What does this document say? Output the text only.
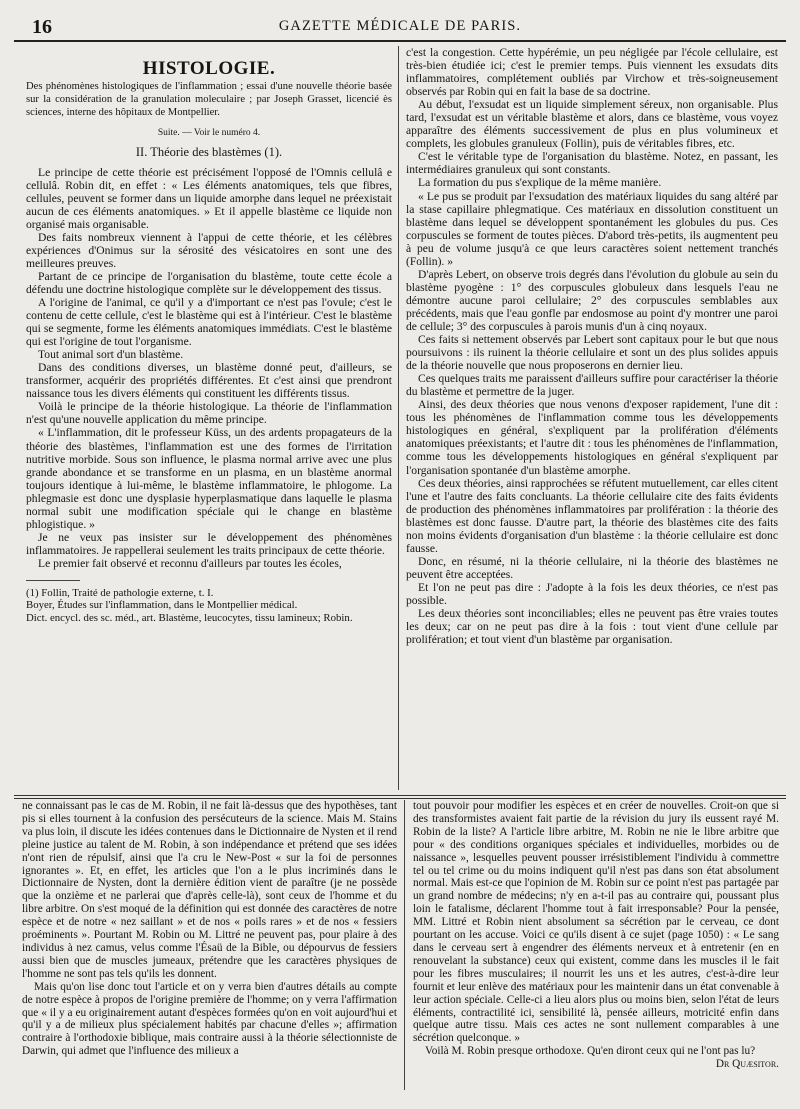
16	GAZETTE MÉDICALE DE PARIS.
HISTOLOGIE.
Des phénomènes histologiques de l'inflammation ; essai d'une nouvelle théorie basée sur la considération de la granulation moleculaire ; par Joseph Grasset, licencié ès sciences, interne des hôpitaux de Montpellier.
Suite. — Voir le numéro 4.
II. Théorie des blastèmes (1).

Le principe de cette théorie est précisément l'opposé de l'Omnis cellulâ e cellulâ. Robin dit, en effet : « Les éléments anatomiques, tels que fibres, cellules, peuvent se former dans un liquide amorphe dans lequel ne préexistait aucun de ces éléments anatomiques. » Et il appelle blastème ce liquide non organisé mais organisable.

Des faits nombreux viennent à l'appui de cette théorie, et les célèbres expériences d'Onimus sur la sérosité des vésicatoires en sont une des meilleures preuves.

Partant de ce principe de l'organisation du blastème, toute cette école a défendu une doctrine histologique complète sur le développement des tissus.

A l'origine de l'animal, ce qu'il y a d'important ce n'est pas l'ovule; c'est le contenu de cette cellule, c'est le blastème qui est à l'intérieur. C'est le blastème qui se segmente, forme les éléments anatomiques immédiats. C'est le blastème qui est l'origine de tout l'organisme.

Tout animal sort d'un blastème.

Dans des conditions diverses, un blastème donné peut, d'ailleurs, se transformer, acquérir des propriétés différentes. Et c'est ainsi que prendront naissance tous les divers éléments qui constituent les différents tissus.

Voilà le principe de la théorie histologique. La théorie de l'inflammation n'est qu'une nouvelle application du même principe.

« L'inflammation, dit le professeur Küss, un des ardents propagateurs de la théorie des blastèmes, l'inflammation est une des formes de l'irritation nutritive morbide. Sous son influence, le plasma normal arrive avec une plus grande abondance et se transforme en un plasma, en un blastème anormal toujours identique à lui-même, le blastème inflammatoire, le phlogome. La phlegmasie est donc une dysplasie hyperplasmatique dans laquelle le plasma normal subit une modification spéciale qui le change en blastème phlogistique. »

Je ne veux pas insister sur le développement des phénomènes inflammatoires. Je rappellerai seulement les traits principaux de cette théorie.

Le premier fait observé et reconnu d'ailleurs par toutes les écoles,

(1) Follin, Traité de pathologie externe, t. I.
Boyer, Études sur l'inflammation, dans le Montpellier médical.
Dict. encycl. des sc. méd., art. Blastème, leucocytes, tissu lamineux; Robin.

c'est la congestion. Cette hypérémie, un peu négligée par l'école cellulaire, est très-bien étudiée ici; c'est le premier temps. Puis viennent les exsudats dits inflammatoires, complétement oubliés par Virchow et très-soigneusement observés par Robin qui en fait la base de sa doctrine.

Au début, l'exsudat est un liquide simplement séreux, non organisable. Plus tard, l'exsudat est un véritable blastème et alors, dans ce blastème, vous voyez apparaître des éléments successivement de plus en plus volumineux et complets, les globules granuleux (Follin), puis de véritables fibres, etc.

C'est le véritable type de l'organisation du blastème. Notez, en passant, les intermédiaires granuleux qui sont constants.

La formation du pus s'explique de la même manière.

« Le pus se produit par l'exsudation des matériaux liquides du sang altéré par la stase capillaire phlegmatique. Ces matériaux en dissolution constituent un blastème dans lequel se développent spontanément les globules du pus. Ces corpuscules se forment de toutes pièces. D'abord très-petits, ils augmentent peu à peu de volume jusqu'à ce que leurs caractères soient nettement tranchés (Follin). »

D'après Lebert, on observe trois degrés dans l'évolution du globule au sein du blastème pyogène : 1° des corpuscules globuleux dans lesquels l'eau ne démontre aucune paroi cellulaire; 2° des corpuscules semblables aux précédents, mais que l'eau gonfle par endosmose au point d'y montrer une paroi de cellule; 3° des corpuscules à parois munis d'un à cinq noyaux.

Ces faits si nettement observés par Lebert sont capitaux pour le but que nous poursuivons : ils ruinent la théorie cellulaire et sont un des plus solides appuis de la théorie nouvelle que nous proposerons en dernier lieu.

Ces quelques traits me paraissent d'ailleurs suffire pour caractériser la théorie du blastème et permettre de la juger.

Ainsi, des deux théories que nous venons d'exposer rapidement, l'une dit : tous les phénomènes de l'inflammation comme tous les développements histologiques en général, s'expliquent par la prolifération d'éléments anatomiques préexistants; et l'autre dit : tous les phénomènes de l'inflammation, comme tous les développements histologiques en général s'expliquent par l'organisation spontanée d'un blastème amorphe.

Ces deux théories, ainsi rapprochées se réfutent mutuellement, car elles citent l'une et l'autre des faits concluants. La théorie cellulaire cite des faits évidents de production des phénomènes inflammatoires par prolifération : la théorie des blastèmes est donc fausse. D'autre part, la théorie des blastèmes cite des faits non moins évidents d'organisation d'un blastème : la théorie cellulaire est donc fausse.

Donc, en résumé, ni la théorie cellulaire, ni la théorie des blastèmes ne peuvent être acceptées.

Et l'on ne peut pas dire : J'adopte à la fois les deux théories, ce n'est pas possible.

Les deux théories sont inconciliables; elles ne peuvent pas être vraies toutes les deux; car on ne peut pas dire à la fois : tout vient d'une cellule par prolifération; et tout vient d'un blastème par organisation.

ne connaissant pas le cas de M. Robin, il ne fait là-dessus que des hypothèses, tant pis si elles tournent à la confusion des persécuteurs de la science. Mais M. Stains va plus loin, il discute les idées contenues dans le Dictionnaire de Nysten et il rend pleine justice au talent de M. Robin, à son indépendance et prétend que ses idées n'ont rien de répulsif, ainsi que l'a cru le New-Post « sur la foi de personnes ignorantes ». Et, en effet, les articles que l'on a le plus incriminés dans le Dictionnaire de Nysten, dont la dernière édition vient de paraître (je ne possède que la onzième et ne parlerai que d'après celle-là), sont ceux de l'homme et du libre arbitre. On s'est moqué de la définition qui est donnée des caractères de notre espèce et de notre « nez saillant » et de nos « poils rares » et de nos « fessiers proéminents ». Pourtant M. Robin ou M. Littré ne peuvent pas, pour plaire à des individus à nez camus, velus comme l'Ésaü de la Bible, ou dépourvus de fessiers aussi bien que de muscles jumeaux, prétendre que les caractères physiques de l'homme ne sont pas tels qu'ils les donnent.

Mais qu'on lise donc tout l'article et on y verra bien d'autres détails au compte de notre espèce à propos de l'origine première de l'homme; on y verra l'affirmation que « il y a eu originairement autant d'espèces formées qu'on en voit aujourd'hui et qu'il y a de milieux plus spécialement habités par chacune d'elles »; affirmation contraire à l'orthodoxie biblique, mais contraire aussi à la théorie sélectionniste de Darwin, qui admet que l'influence des milieux a

tout pouvoir pour modifier les espèces et en créer de nouvelles. Croit-on que si des transformistes avaient fait partie de la révision du jury ils eussent rayé M. Robin de la liste? A l'article libre arbitre, M. Robin ne nie le libre arbitre que pour « des conditions organiques spéciales et individuelles, morbides ou de naissance », lesquelles peuvent pousser irrésistiblement l'individu à commettre tel ou tel crime ou du moins indiquent qu'il n'est pas dans son état absolument normal. Mais est-ce que l'opinion de M. Robin sur ce point n'est pas partagée par un grand nombre de médecins; n'y en a-t-il pas au contraire qui, poussant plus loin le fatalisme, déclarent l'homme tout à fait irresponsable? Pour la pensée, MM. Littré et Robin nient absolument sa sécrétion par le cerveau, ce dont pourtant on les accuse. Voici ce qu'ils disent à ce sujet (page 1050) : « Le sang dans le cerveau sert à engendrer des éléments nerveux et à entretenir (en en renouvelant la substance) ceux qui existent, comme dans les muscles il le fait pour les fibres musculaires; il nourrit les uns et les autres, c'est-à-dire leur fournit et leur enlève des matériaux pour les maintenir dans un état convenable à leur action spéciale. Celle-ci a lieu alors plus ou moins bien, selon l'état de leurs éléments, contractilité ici, sensibilité là, pensée ailleurs, motricité enfin dans quelque autre tissu. Mais ces actes ne sont nullement comparables à une sécrétion quelconque. »

Voilà M. Robin presque orthodoxe. Qu'en diront ceux qui ne l'ont pas lu?

Dr Quæsitor.
